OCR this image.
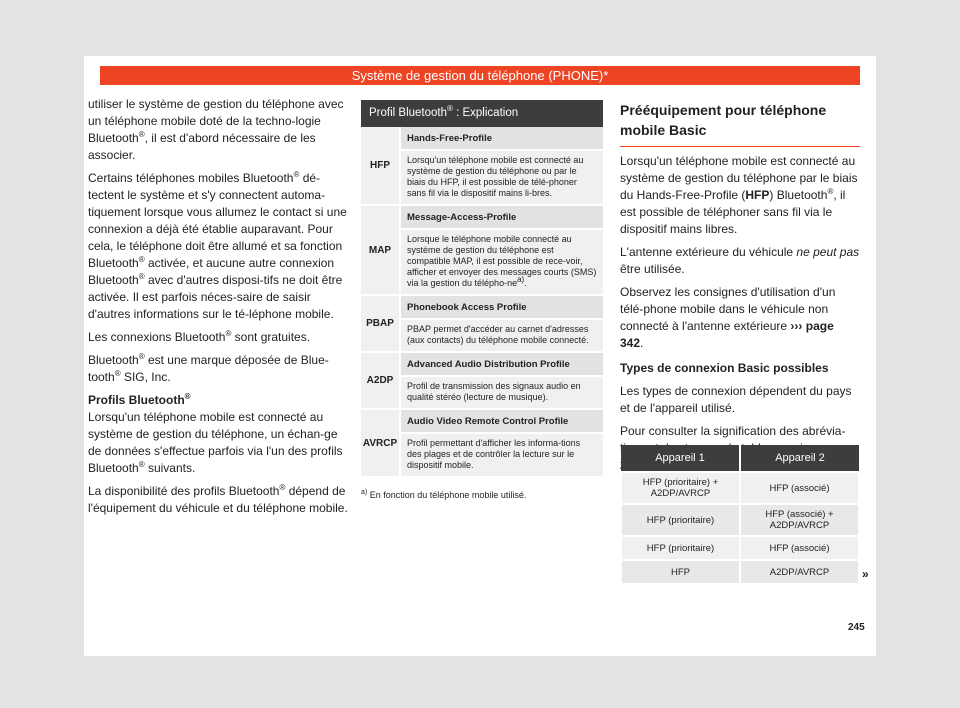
Système de gestion du téléphone (PHONE)*

utiliser le système de gestion du téléphone avec un téléphone mobile doté de la techno-logie Bluetooth®, il est d'abord nécessaire de les associer.

Certains téléphones mobiles Bluetooth® dé-tectent le système et s'y connectent automa-tiquement lorsque vous allumez le contact si une connexion a déjà été établie auparavant. Pour cela, le téléphone doit être allumé et sa fonction Bluetooth® activée, et aucune autre connexion Bluetooth® avec d'autres disposi-tifs ne doit être activée. Il est parfois néces-saire de saisir d'autres informations sur le té-léphone mobile.

Les connexions Bluetooth® sont gratuites.

Bluetooth® est une marque déposée de Blue-tooth® SIG, Inc.

Profils Bluetooth®

Lorsqu'un téléphone mobile est connecté au système de gestion du téléphone, un échan-ge de données s'effectue parfois via l'un des profils Bluetooth® suivants.

La disponibilité des profils Bluetooth® dépend de l'équipement du véhicule et du téléphone mobile.

Profil Bluetooth® : Explication
HFP
Hands-Free-Profile
Lorsqu'un téléphone mobile est connecté au système de gestion du téléphone ou par le biais du HFP, il est possible de télé-phoner sans fil via le dispositif mains li-bres.
MAP
Message-Access-Profile
Lorsque le téléphone mobile connecté au système de gestion du téléphone est compatible MAP, il est possible de rece-voir, afficher et envoyer des messages courts (SMS) via la gestion du télépho-nea).
PBAP
Phonebook Access Profile
PBAP permet d'accéder au carnet d'adresses (aux contacts) du téléphone mobile connecté.
A2DP
Advanced Audio Distribution Profile
Profil de transmission des signaux audio en qualité stéréo (lecture de musique).
AVRCP
Audio Video Remote Control Profile
Profil permettant d'afficher les informa-tions des plages et de contrôler la lecture sur le dispositif mobile.
$^{a)}$ En fonction du téléphone mobile utilisé.
Prééquipement pour téléphone mobile Basic

Lorsqu'un téléphone mobile est connecté au système de gestion du téléphone par le biais du Hands-Free-Profile (HFP) Bluetooth®, il est possible de téléphoner sans fil via le dispositif mains libres.

L'antenne extérieure du véhicule ne peut pas être utilisée.

Observez les consignes d'utilisation d'un télé-phone mobile dans le véhicule non connecté à l'antenne extérieure ››› page 342.

Types de connexion Basic possibles

Les types de connexion dépendent du pays et de l'appareil utilisé.

Pour consulter la signification des abrévia-

Appareil 1	Appareil 2
HFP (prioritaire) + A2DP/AVRCP	HFP (associé)
HFP (prioritaire)	HFP (associé) + A2DP/AVRCP
HFP (prioritaire)	HFP (associé)
HFP	A2DP/AVRCP	»
245
